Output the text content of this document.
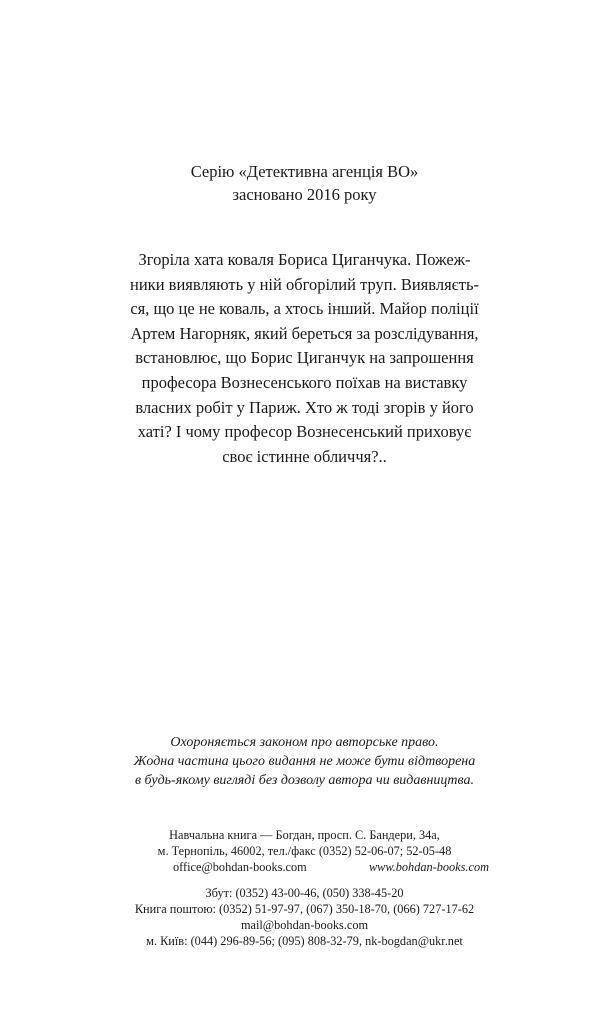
Серію «Детективна агенція ВО»
засновано 2016 року
Згоріла хата коваля Бориса Циганчука. Пожеж-
ники виявляють у ній обгорілий труп. Виявляєть-
ся, що це не коваль, а хтось інший. Майор поліції
Артем Нагорняк, який береться за розслідування,
встановлює, що Борис Циганчук на запрошення
професора Вознесенського поїхав на виставку
власних робіт у Париж. Хто ж тоді згорів у його
хаті? І чому професор Вознесенський приховує
своє істинне обличчя?..
Охороняється законом про авторське право.
Жодна частина цього видання не може бути відтворена
в будь-якому вигляді без дозволу автора чи видавництва.
Навчальна книга — Богдан, просп. С. Бандери, 34а,
м. Тернопіль, 46002, тел./факс (0352) 52-06-07; 52-05-48
office@bohdan-books.com	www.bohdan-books.com
Збут: (0352) 43-00-46, (050) 338-45-20
Книга поштою: (0352) 51-97-97, (067) 350-18-70, (066) 727-17-62
mail@bohdan-books.com
м. Київ: (044) 296-89-56; (095) 808-32-79, nk-bogdan@ukr.net
